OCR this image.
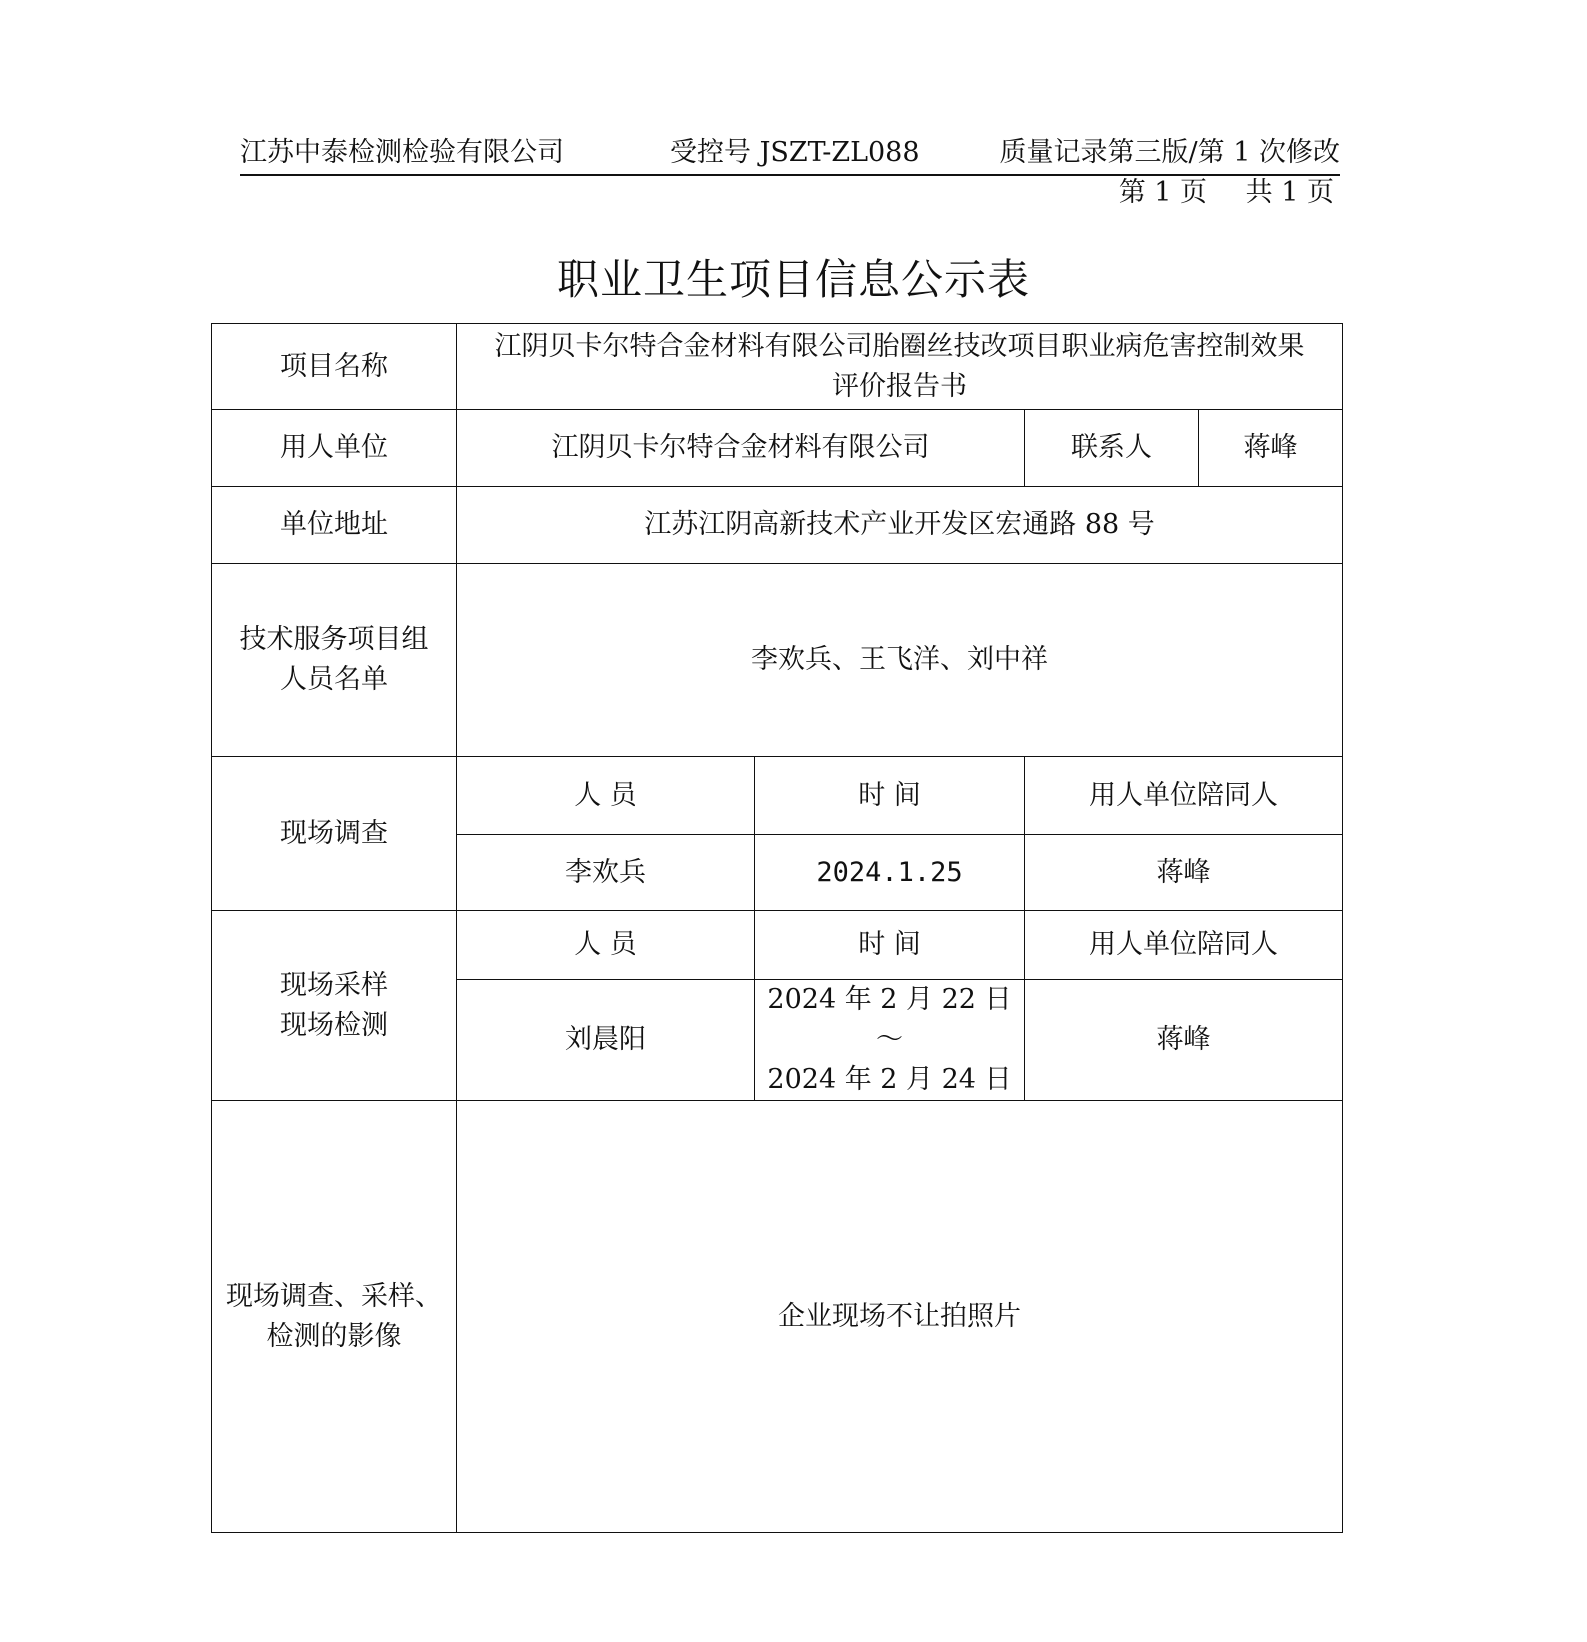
江苏中泰检测检验有限公司	受控号 JSZT-ZL088	质量记录第三版/第 1 次修改
第 1 页 共 1 页
职业卫生项目信息公示表
项目名称	江阴贝卡尔特合金材料有限公司胎圈丝技改项目职业病危害控制效果
评价报告书			

用人单位	江阴贝卡尔特合金材料有限公司		联系人	蒋峰
单位地址	江苏江阴高新技术产业开发区宏通路 88 号			

技术服务项目组
人员名单	李欢兵、王飞洋、刘中祥			
现场调查	人 员	时 间	用人单位陪同人	
	李欢兵	2024.1.25	蒋峰	

现场采样
现场检测	人 员	时 间	用人单位陪同人	
	刘晨阳	2024 年 2 月 22 日～
2024 年 2 月 24 日	蒋峰	

现场调查、采样、
检测的影像	企业现场不让拍照片			
